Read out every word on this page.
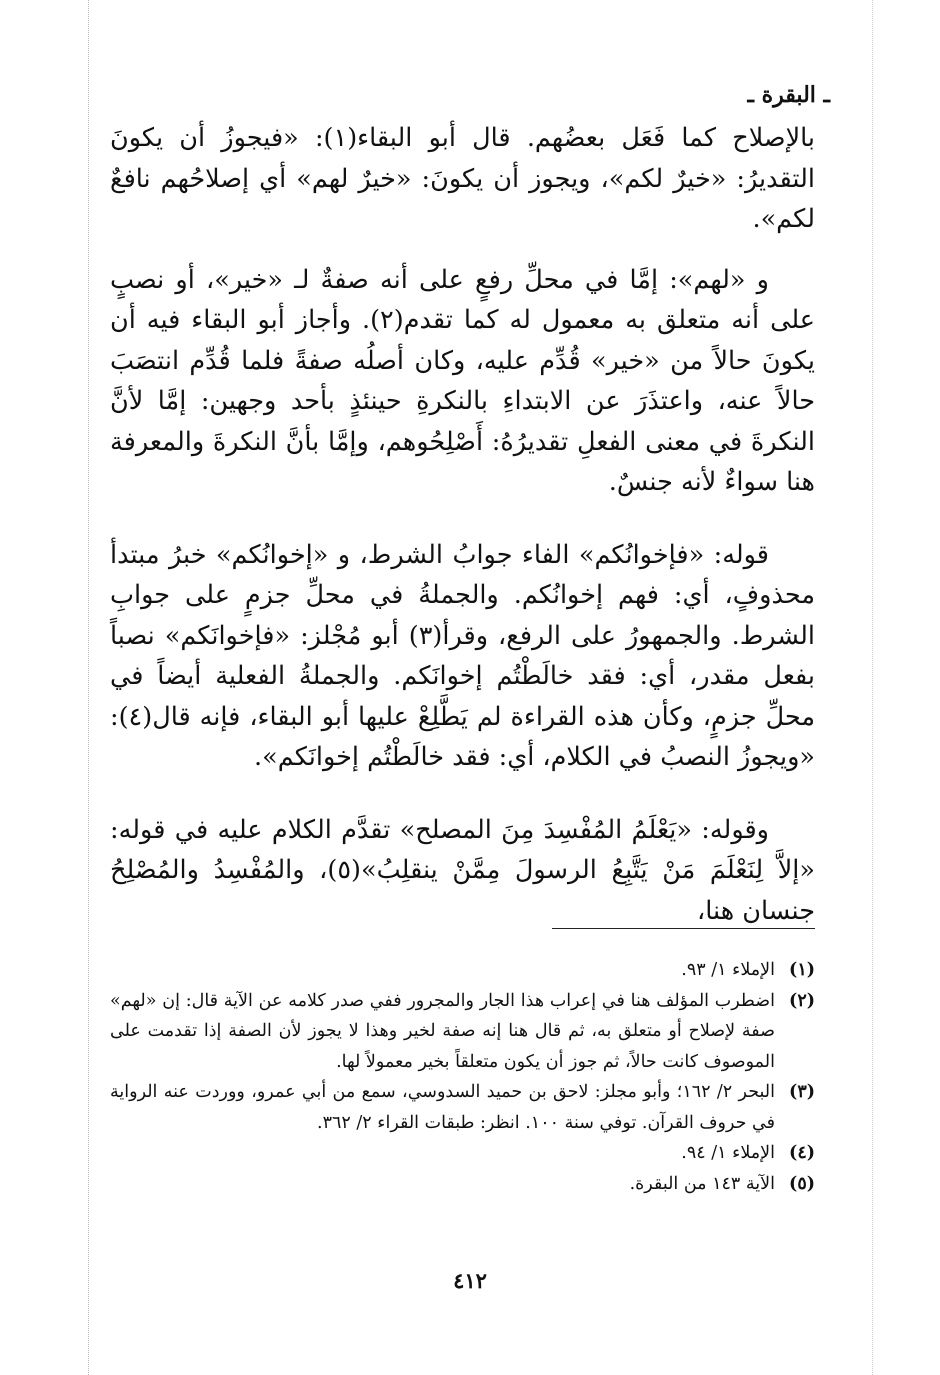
ـ البقرة ـ

بالإصلاح كما فَعَل بعضُهم. قال أبو البقاء(١): «فيجوزُ أن يكونَ التقديرُ: «خيرٌ لكم»، ويجوز أن يكونَ: «خيرٌ لهم» أي إصلاحُهم نافعٌ لكم».

و «لهم»: إمَّا في محلِّ رفعٍ على أنه صفةٌ لـ «خير»، أو نصبٍ على أنه متعلق به معمول له كما تقدم(٢). وأجاز أبو البقاء فيه أن يكونَ حالاً من «خير» قُدِّم عليه، وكان أصلُه صفةً فلما قُدِّم انتصَبَ حالاً عنه، واعتذَرَ عن الابتداءِ بالنكرةِ حينئذٍ بأحد وجهين: إمَّا لأنَّ النكرةَ في معنى الفعلِ تقديرُهُ: أَصْلِحُوهم، وإمَّا بأنَّ النكرةَ والمعرفة هنا سواءٌ لأنه جنسٌ.

قوله: «فإخوانُكم» الفاء جوابُ الشرط، و «إخوانُكم» خبرُ مبتدأ محذوفٍ، أي: فهم إخوانُكم. والجملةُ في محلِّ جزمٍ على جوابِ الشرط. والجمهورُ على الرفع، وقرأ(٣) أبو مُجْلز: «فإخوانَكم» نصباً بفعل مقدر، أي: فقد خالَطْتُم إخوانَكم. والجملةُ الفعلية أيضاً في محلِّ جزمٍ، وكأن هذه القراءة لم يَطَّلِعْ عليها أبو البقاء، فإنه قال(٤): «ويجوزُ النصبُ في الكلام، أي: فقد خالَطْتُم إخوانَكم».

وقوله: «يَعْلَمُ المُفْسِدَ مِنَ المصلح» تقدَّم الكلام عليه في قوله: «إلاَّ لِنَعْلَمَ مَنْ يَتَّبِعُ الرسولَ مِمَّنْ ينقلِبُ»(٥)، والمُفْسِدُ والمُصْلِحُ جنسان هنا،

(١)
الإملاء ١/ ٩٣.
(٢)
اضطرب المؤلف هنا في إعراب هذا الجار والمجرور ففي صدر كلامه عن الآية قال: إن «لهم» صفة لإصلاح أو متعلق به، ثم قال هنا إنه صفة لخير وهذا لا يجوز لأن الصفة إذا تقدمت على الموصوف كانت حالاً، ثم جوز أن يكون متعلقاً بخير معمولاً لها.
(٣)
البحر ٢/ ١٦٢؛ وأبو مجلز: لاحق بن حميد السدوسي، سمع من أبي عمرو، ووردت عنه الرواية في حروف القرآن. توفي سنة ١٠٠. انظر: طبقات القراء ٢/ ٣٦٢.
(٤)
الإملاء ١/ ٩٤.
(٥)
الآية ١٤٣ من البقرة.
٤١٢
